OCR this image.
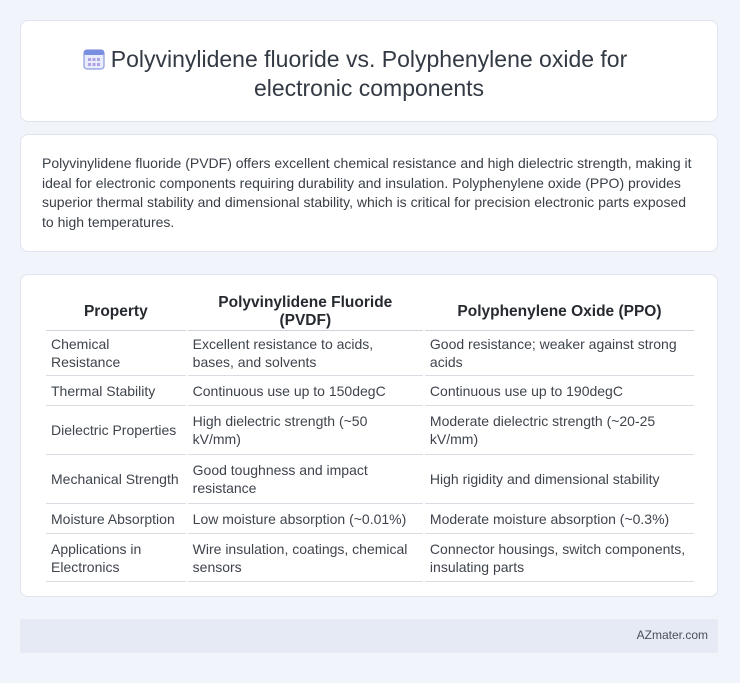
Polyvinylidene fluoride vs. Polyphenylene oxide for electronic components

Polyvinylidene fluoride (PVDF) offers excellent chemical resistance and high dielectric strength, making it ideal for electronic components requiring durability and insulation. Polyphenylene oxide (PPO) provides superior thermal stability and dimensional stability, which is critical for precision electronic parts exposed to high temperatures.

Property	Polyvinylidene Fluoride (PVDF)	Polyphenylene Oxide (PPO)
Chemical Resistance	Excellent resistance to acids, bases, and solvents	Good resistance; weaker against strong acids
Thermal Stability	Continuous use up to 150degC	Continuous use up to 190degC
Dielectric Properties	High dielectric strength (~50 kV/mm)	Moderate dielectric strength (~20-25 kV/mm)
Mechanical Strength	Good toughness and impact resistance	High rigidity and dimensional stability
Moisture Absorption	Low moisture absorption (~0.01%)	Moderate moisture absorption (~0.3%)
Applications in Electronics	Wire insulation, coatings, chemical sensors	Connector housings, switch components, insulating parts
AZmater.com
